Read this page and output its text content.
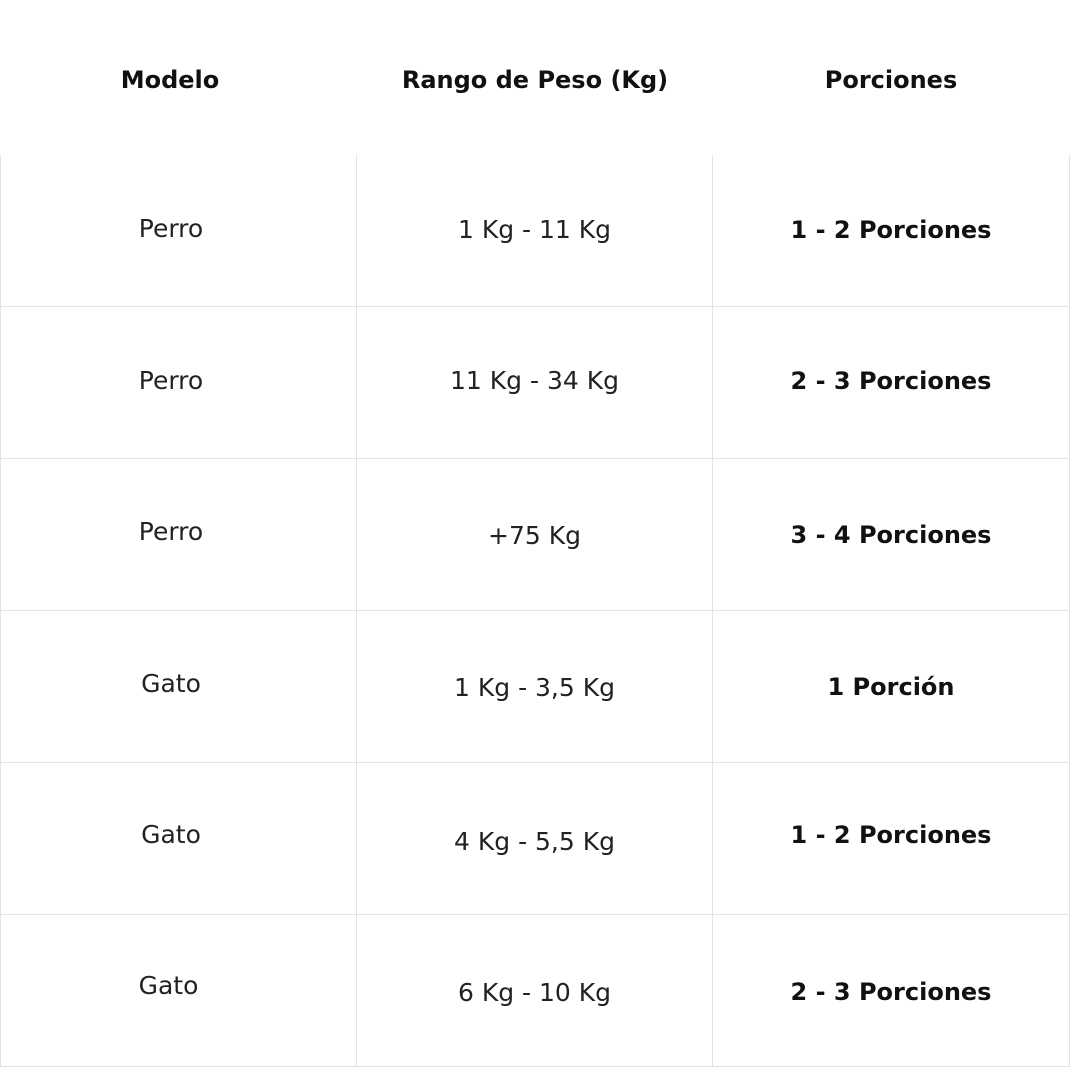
Modelo	Rango de Peso (Kg)	Porciones
Perro	1 Kg - 11 Kg	1 - 2 Porciones
Perro	11 Kg - 34 Kg	2 - 3 Porciones
Perro	+75 Kg	3 - 4 Porciones
Gato	1 Kg - 3,5 Kg	1 Porción
Gato	4 Kg - 5,5 Kg	1 - 2 Porciones
Gato	6 Kg - 10 Kg	2 - 3 Porciones
